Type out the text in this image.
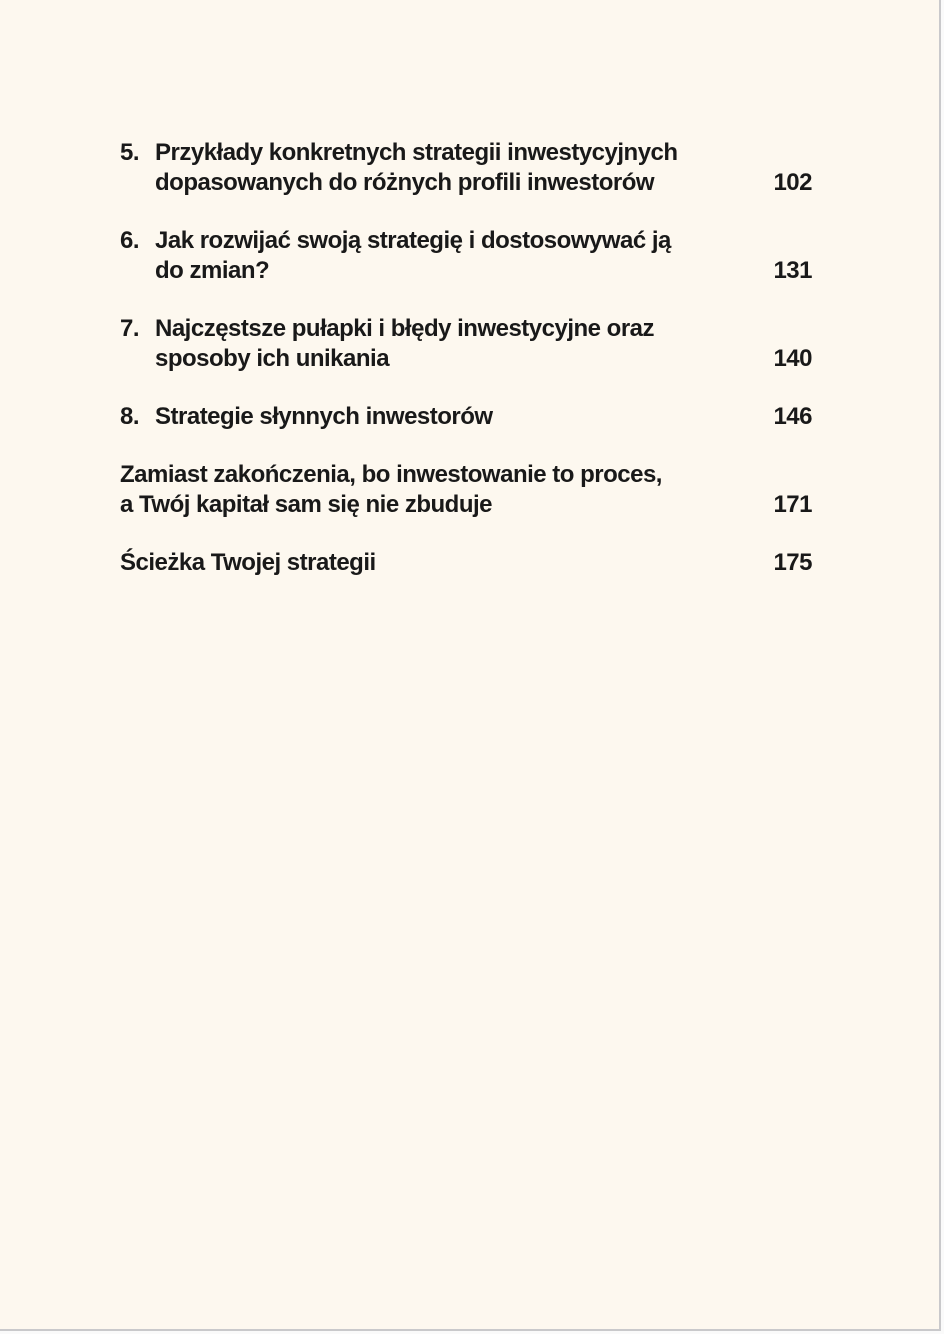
5. Przykłady konkretnych strategii inwestycyjnych
dopasowanych do różnych profili inwestorów	102
6. Jak rozwijać swoją strategię i dostosowywać ją
do zmian?	131
7. Najczęstsze pułapki i błędy inwestycyjne oraz
sposoby ich unikania	140
8. Strategie słynnych inwestorów	146
Zamiast zakończenia, bo inwestowanie to proces,
a Twój kapitał sam się nie zbuduje	171
Ścieżka Twojej strategii	175
